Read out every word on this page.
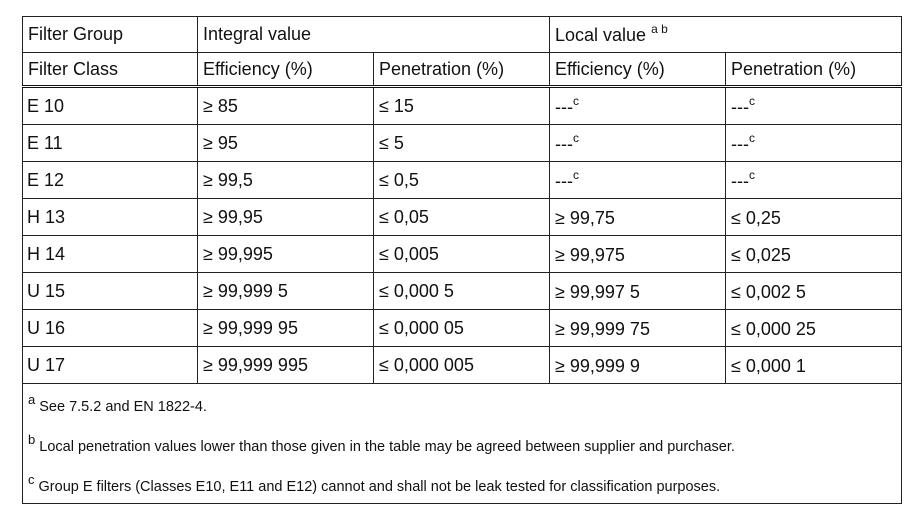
Filter Group	Integral value		Local value $^{a b}$
Filter Class	Efficiency (%)	Penetration (%)	Efficiency (%)	Penetration (%)
E 10	≥ 85	≤ 15	---$^c$	---$^c$
E 11	≥ 95	≤ 5	---$^c$	---$^c$
E 12	≥ 99,5	≤ 0,5	---$^c$	---$^c$
H 13	≥ 99,95	≤ 0,05	≥ 99,75	≤ 0,25
H 14	≥ 99,995	≤ 0,005	≥ 99,975	≤ 0,025
U 15	≥ 99,999 5	≤ 0,000 5	≥ 99,997 5	≤ 0,002 5
U 16	≥ 99,999 95	≤ 0,000 05	≥ 99,999 75	≤ 0,000 25
U 17	≥ 99,999 995	≤ 0,000 005	≥ 99,999 9	≤ 0,000 1

$^a$ See 7.5.2 and EN 1822-4.
$^b$ Local penetration values lower than those given in the table may be agreed between supplier and purchaser.
$^c$ Group E filters (Classes E10, E11 and E12) cannot and shall not be leak tested for classification purposes.				
